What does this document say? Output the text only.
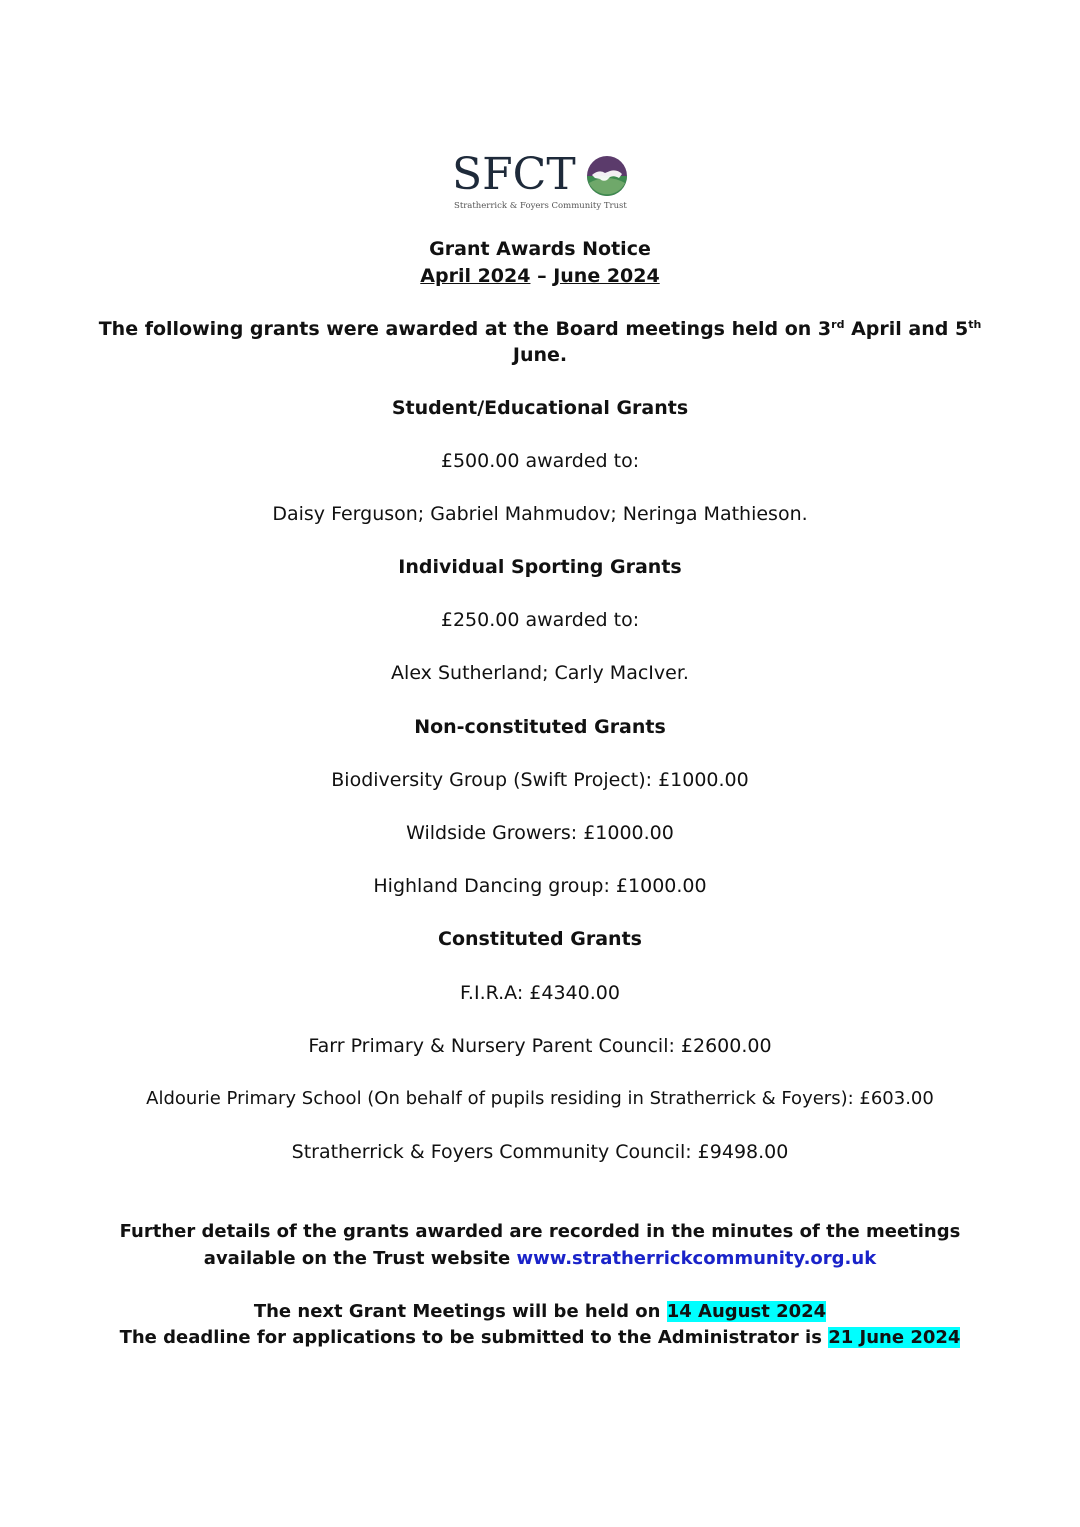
SFCT
Stratherrick & Foyers Community Trust
Grant Awards Notice
April 2024 – June 2024
The following grants were awarded at the Board meetings held on 3rd April and 5th
June.
Student/Educational Grants
£500.00 awarded to:
Daisy Ferguson; Gabriel Mahmudov; Neringa Mathieson.
Individual Sporting Grants
£250.00 awarded to:
Alex Sutherland; Carly MacIver.
Non-constituted Grants
Biodiversity Group (Swift Project): £1000.00
Wildside Growers: £1000.00
Highland Dancing group: £1000.00
Constituted Grants
F.I.R.A: £4340.00
Farr Primary & Nursery Parent Council: £2600.00
Aldourie Primary School (On behalf of pupils residing in Stratherrick & Foyers): £603.00
Stratherrick & Foyers Community Council: £9498.00
Further details of the grants awarded are recorded in the minutes of the meetings
available on the Trust website www.stratherrickcommunity.org.uk
The next Grant Meetings will be held on 14 August 2024
The deadline for applications to be submitted to the Administrator is 21 June 2024
